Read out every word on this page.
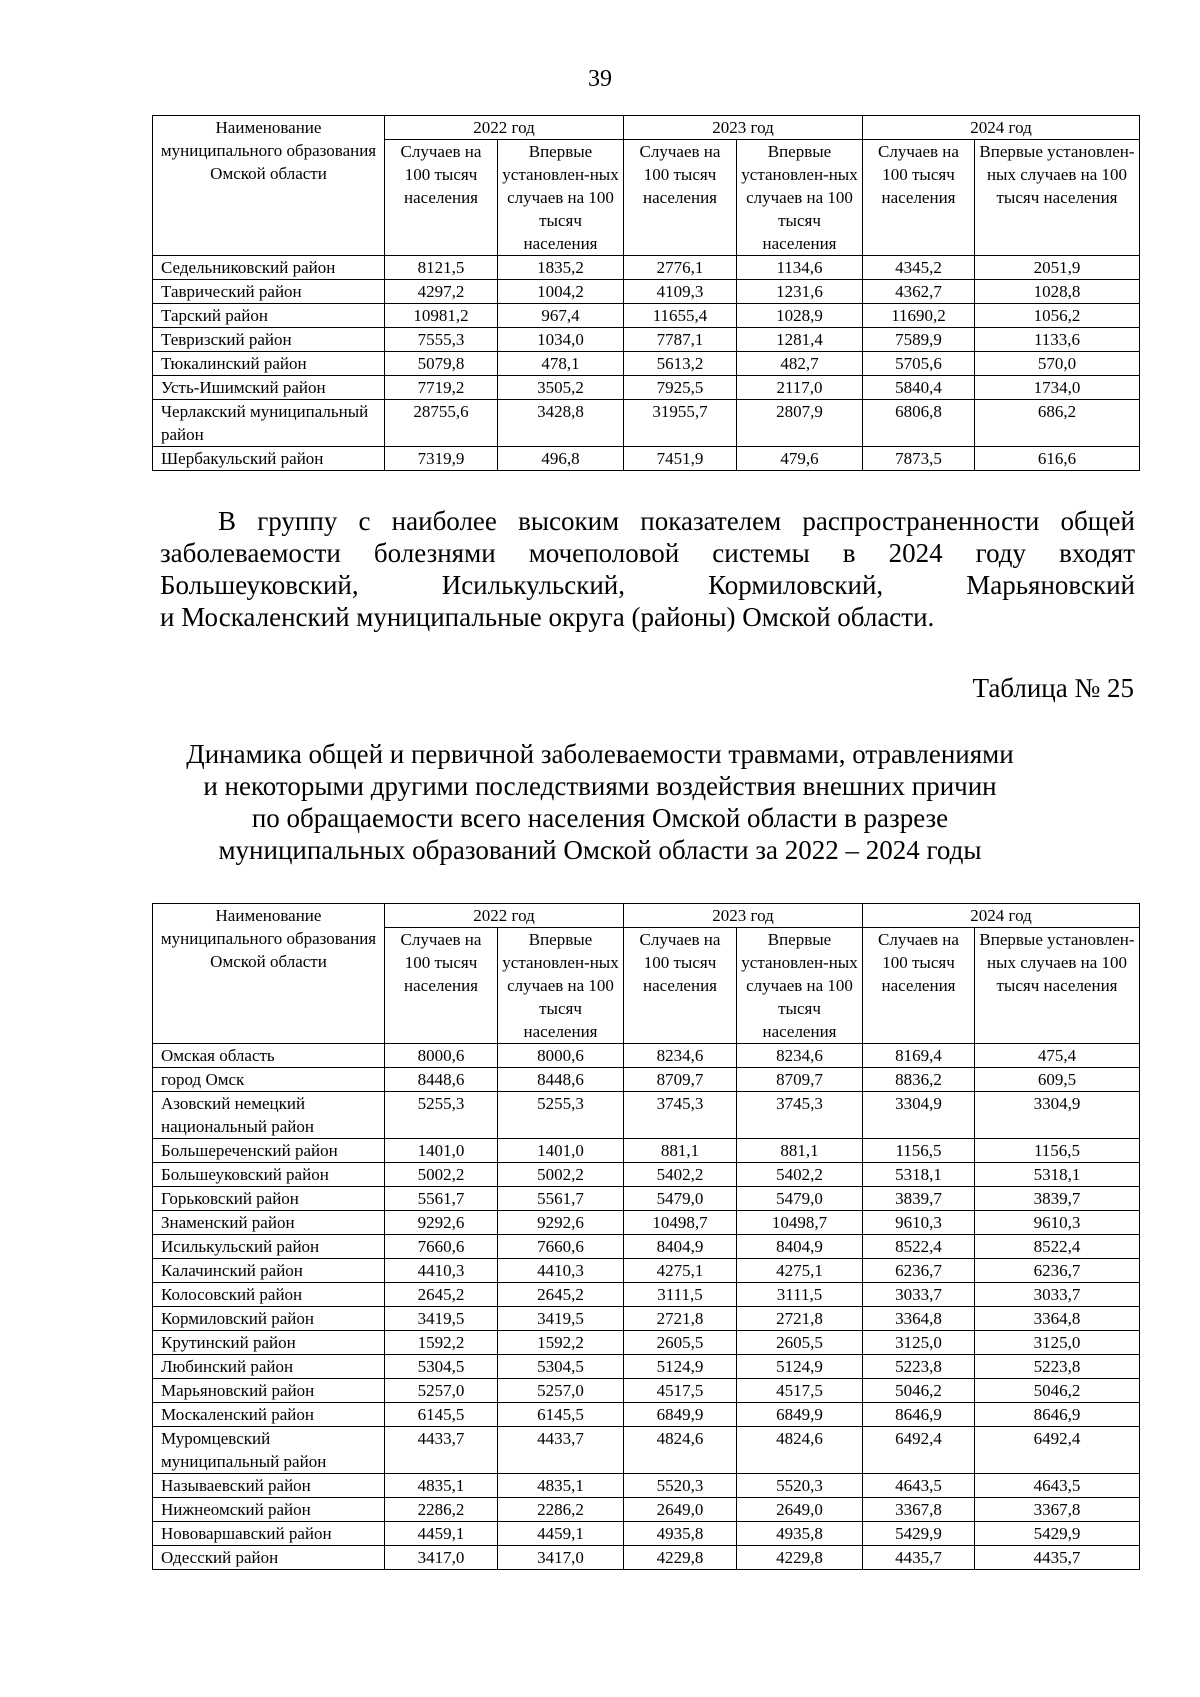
39
Наименование муниципального образования Омской области	2022 год		2023 год		2024 год	
	Случаев на 100 тысяч населения	Впервые установлен-ных случаев на 100 тысяч населения	Случаев на 100 тысяч населения	Впервые установлен-ных случаев на 100 тысяч населения	Случаев на 100 тысяч населения	Впервые установлен-ных случаев на 100 тысяч населения
Седельниковский район	8121,5	1835,2	2776,1	1134,6	4345,2	2051,9
Таврический район	4297,2	1004,2	4109,3	1231,6	4362,7	1028,8
Тарский район	10981,2	967,4	11655,4	1028,9	11690,2	1056,2
Тевризский район	7555,3	1034,0	7787,1	1281,4	7589,9	1133,6
Тюкалинский район	5079,8	478,1	5613,2	482,7	5705,6	570,0
Усть-Ишимский район	7719,2	3505,2	7925,5	2117,0	5840,4	1734,0
Черлакский муниципальный район	28755,6	3428,8	31955,7	2807,9	6806,8	686,2
Шербакульский район	7319,9	496,8	7451,9	479,6	7873,5	616,6
В группу с наиболее высоким показателем распространенности общей
заболеваемости болезнями мочеполовой системы в 2024 году входят
Большеуковский, Исилькульский, Кормиловский, Марьяновский
и Москаленский муниципальные округа (районы) Омской области.
Таблица № 25
Динамика общей и первичной заболеваемости травмами, отравлениями
и некоторыми другими последствиями воздействия внешних причин
по обращаемости всего населения Омской области в разрезе
муниципальных образований Омской области за 2022 – 2024 годы
Наименование муниципального образования Омской области	2022 год		2023 год		2024 год	
	Случаев на 100 тысяч населения	Впервые установлен-ных случаев на 100 тысяч населения	Случаев на 100 тысяч населения	Впервые установлен-ных случаев на 100 тысяч населения	Случаев на 100 тысяч населения	Впервые установлен-ных случаев на 100 тысяч населения
Омская область	8000,6	8000,6	8234,6	8234,6	8169,4	475,4
город Омск	8448,6	8448,6	8709,7	8709,7	8836,2	609,5
Азовский немецкий национальный район	5255,3	5255,3	3745,3	3745,3	3304,9	3304,9
Большереченский район	1401,0	1401,0	881,1	881,1	1156,5	1156,5
Большеуковский район	5002,2	5002,2	5402,2	5402,2	5318,1	5318,1
Горьковский район	5561,7	5561,7	5479,0	5479,0	3839,7	3839,7
Знаменский район	9292,6	9292,6	10498,7	10498,7	9610,3	9610,3
Исилькульский район	7660,6	7660,6	8404,9	8404,9	8522,4	8522,4
Калачинский район	4410,3	4410,3	4275,1	4275,1	6236,7	6236,7
Колосовский район	2645,2	2645,2	3111,5	3111,5	3033,7	3033,7
Кормиловский район	3419,5	3419,5	2721,8	2721,8	3364,8	3364,8
Крутинский район	1592,2	1592,2	2605,5	2605,5	3125,0	3125,0
Любинский район	5304,5	5304,5	5124,9	5124,9	5223,8	5223,8
Марьяновский район	5257,0	5257,0	4517,5	4517,5	5046,2	5046,2
Москаленский район	6145,5	6145,5	6849,9	6849,9	8646,9	8646,9
Муромцевский муниципальный район	4433,7	4433,7	4824,6	4824,6	6492,4	6492,4
Называевский район	4835,1	4835,1	5520,3	5520,3	4643,5	4643,5
Нижнеомский район	2286,2	2286,2	2649,0	2649,0	3367,8	3367,8
Нововаршавский район	4459,1	4459,1	4935,8	4935,8	5429,9	5429,9
Одесский район	3417,0	3417,0	4229,8	4229,8	4435,7	4435,7
